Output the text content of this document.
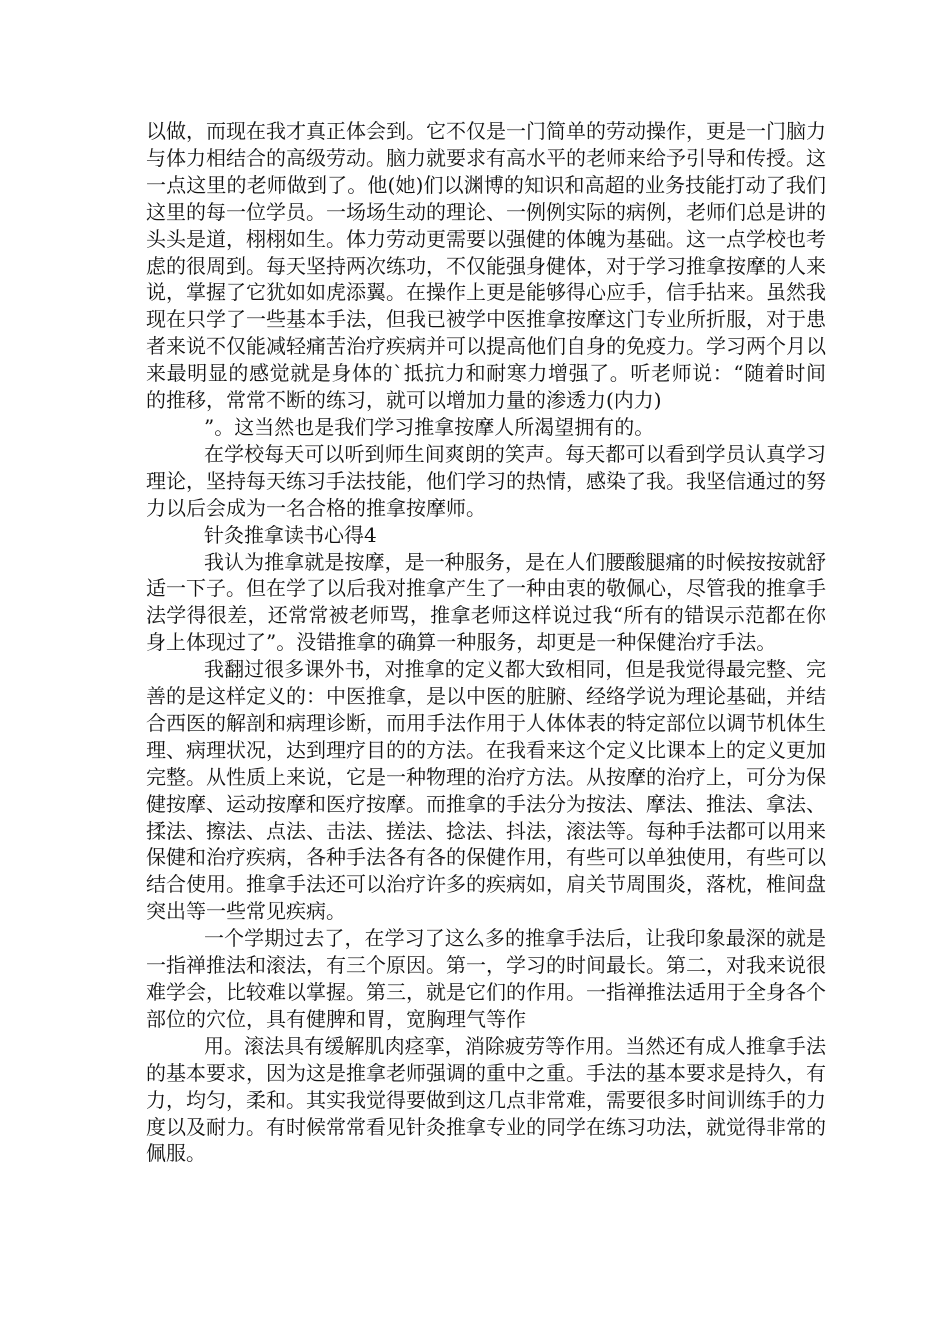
以做，而现在我才真正体会到。它不仅是一门简单的劳动操作，更是一门脑力与体力相结合的高级劳动。脑力就要求有高水平的老师来给予引导和传授。这一点这里的老师做到了。他(她)们以渊博的知识和高超的业务技能打动了我们这里的每一位学员。一场场生动的理论、一例例实际的病例，老师们总是讲的头头是道，栩栩如生。体力劳动更需要以强健的体魄为基础。这一点学校也考虑的很周到。每天坚持两次练功，不仅能强身健体，对于学习推拿按摩的人来说，掌握了它犹如如虎添翼。在操作上更是能够得心应手，信手拈来。虽然我现在只学了一些基本手法，但我已被学中医推拿按摩这门专业所折服，对于患者来说不仅能减轻痛苦治疗疾病并可以提高他们自身的免疫力。学习两个月以来最明显的感觉就是身体的`抵抗力和耐寒力增强了。听老师说：“随着时间的推移，常常不断的练习，就可以增加力量的渗透力(内力)

”。这当然也是我们学习推拿按摩人所渴望拥有的。

在学校每天可以听到师生间爽朗的笑声。每天都可以看到学员认真学习理论，坚持每天练习手法技能，他们学习的热情，感染了我。我坚信通过的努力以后会成为一名合格的推拿按摩师。

针灸推拿读书心得4

我认为推拿就是按摩，是一种服务，是在人们腰酸腿痛的时候按按就舒适一下子。但在学了以后我对推拿产生了一种由衷的敬佩心，尽管我的推拿手法学得很差，还常常被老师骂，推拿老师这样说过我“所有的错误示范都在你身上体现过了”。没错推拿的确算一种服务，却更是一种保健治疗手法。

我翻过很多课外书，对推拿的定义都大致相同，但是我觉得最完整、完善的是这样定义的：中医推拿，是以中医的脏腑、经络学说为理论基础，并结合西医的解剖和病理诊断，而用手法作用于人体体表的特定部位以调节机体生理、病理状况，达到理疗目的的方法。在我看来这个定义比课本上的定义更加完整。从性质上来说，它是一种物理的治疗方法。从按摩的治疗上，可分为保健按摩、运动按摩和医疗按摩。而推拿的手法分为按法、摩法、推法、拿法、揉法、擦法、点法、击法、搓法、捻法、抖法，滚法等。每种手法都可以用来保健和治疗疾病，各种手法各有各的保健作用，有些可以单独使用，有些可以结合使用。推拿手法还可以治疗许多的疾病如，肩关节周围炎，落枕，椎间盘突出等一些常见疾病。

一个学期过去了，在学习了这么多的推拿手法后，让我印象最深的就是一指禅推法和滚法，有三个原因。第一，学习的时间最长。第二，对我来说很难学会，比较难以掌握。第三，就是它们的作用。一指禅推法适用于全身各个部位的穴位，具有健脾和胃，宽胸理气等作

用。滚法具有缓解肌肉痉挛，消除疲劳等作用。当然还有成人推拿手法的基本要求，因为这是推拿老师强调的重中之重。手法的基本要求是持久，有力，均匀，柔和。其实我觉得要做到这几点非常难，需要很多时间训练手的力度以及耐力。有时候常常看见针灸推拿专业的同学在练习功法，就觉得非常的佩服。
